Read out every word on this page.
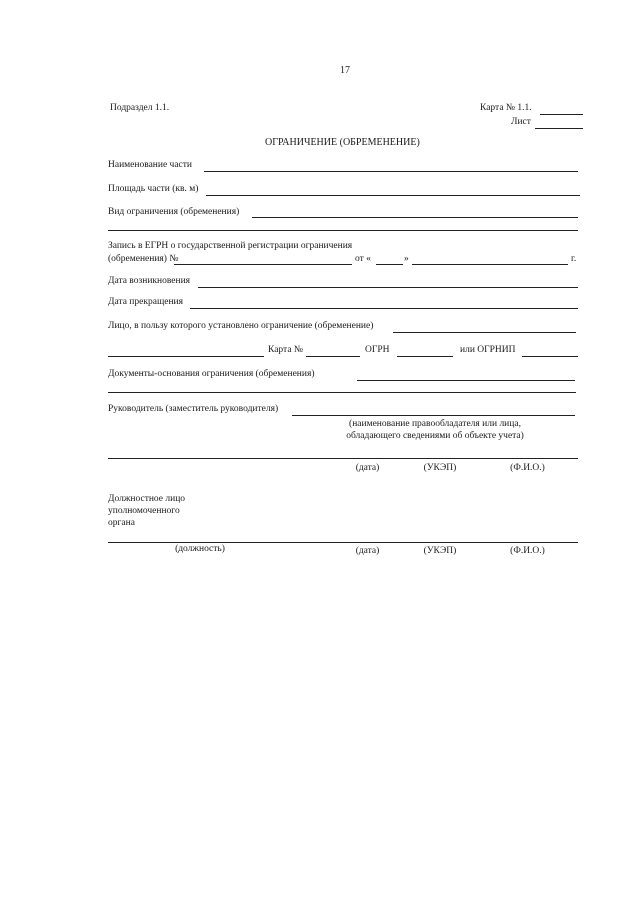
17
Подраздел 1.1.	Карта № 1.1.
Лист
ОГРАНИЧЕНИЕ (ОБРЕМЕНЕНИЕ)
Наименование части
Площадь части (кв. м)
Вид ограничения (обременения)
Запись в ЕГРН о государственной регистрации ограничения
(обременения) №	от «	»	г.
Дата возникновения
Дата прекращения
Лицо, в пользу которого установлено ограничение (обременение)
Карта №	ОГРН	или ОГРНИП
Документы-основания ограничения (обременения)
Руководитель (заместитель руководителя)
(наименование правообладателя или лица,
обладающего сведениями об объекте учета)
(дата)	(УКЭП)	(Ф.И.О.)
Должностное лицо
уполномоченного
органа
(должность)	(дата)	(УКЭП)	(Ф.И.О.)
